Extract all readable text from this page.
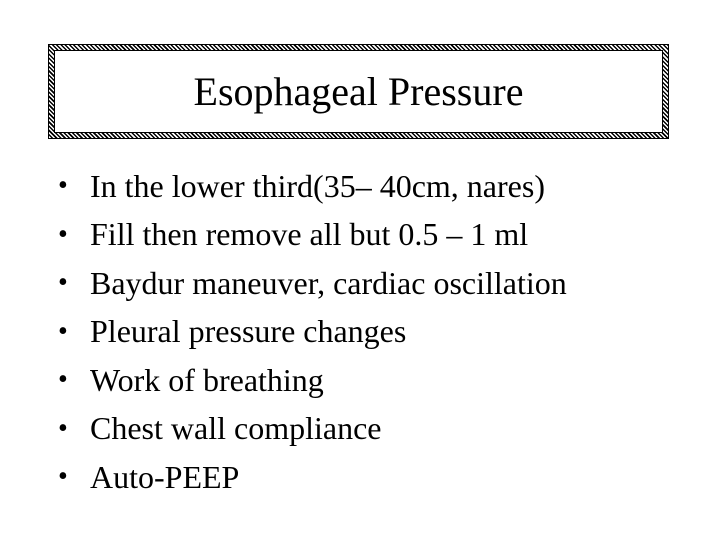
Esophageal Pressure
• In the lower third(35– 40cm, nares)
• Fill then remove all but 0.5 – 1 ml
• Baydur maneuver, cardiac oscillation
• Pleural pressure changes
• Work of breathing
• Chest wall compliance
• Auto-PEEP
